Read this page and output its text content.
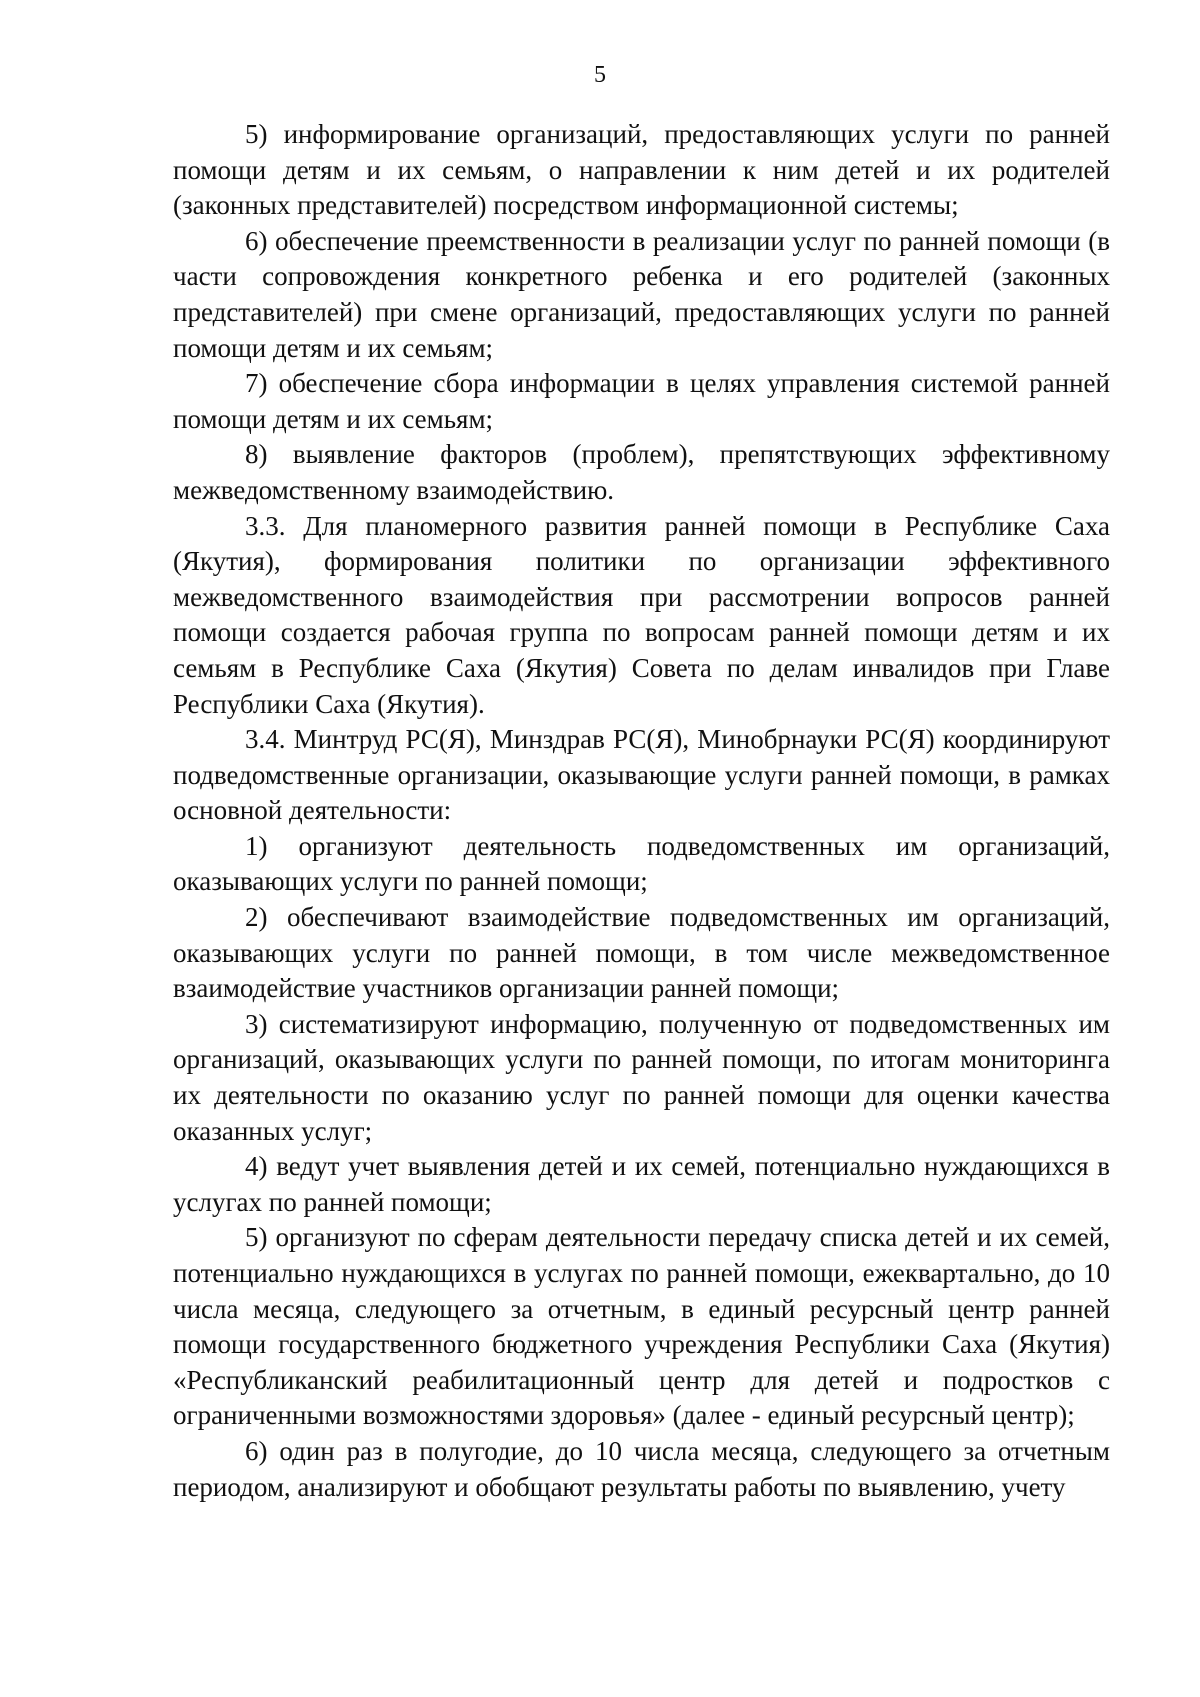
5

5) информирование организаций, предоставляющих услуги по ранней помощи детям и их семьям, о направлении к ним детей и их родителей (законных представителей) посредством информационной системы;

6) обеспечение преемственности в реализации услуг по ранней помощи (в части сопровождения конкретного ребенка и его родителей (законных представителей) при смене организаций, предоставляющих услуги по ранней помощи детям и их семьям;

7) обеспечение сбора информации в целях управления системой ранней помощи детям и их семьям;

8) выявление факторов (проблем), препятствующих эффективному межведомственному взаимодействию.

3.3. Для планомерного развития ранней помощи в Республике Саха (Якутия), формирования политики по организации эффективного межведомственного взаимодействия при рассмотрении вопросов ранней помощи создается рабочая группа по вопросам ранней помощи детям и их семьям в Республике Саха (Якутия) Совета по делам инвалидов при Главе Республики Саха (Якутия).

3.4. Минтруд РС(Я), Минздрав РС(Я), Минобрнауки РС(Я) координируют подведомственные организации, оказывающие услуги ранней помощи, в рамках основной деятельности:

1) организуют деятельность подведомственных им организаций, оказывающих услуги по ранней помощи;

2) обеспечивают взаимодействие подведомственных им организаций, оказывающих услуги по ранней помощи, в том числе межведомственное взаимодействие участников организации ранней помощи;

3) систематизируют информацию, полученную от подведомственных им организаций, оказывающих услуги по ранней помощи, по итогам мониторинга их деятельности по оказанию услуг по ранней помощи для оценки качества оказанных услуг;

4) ведут учет выявления детей и их семей, потенциально нуждающихся в услугах по ранней помощи;

5) организуют по сферам деятельности передачу списка детей и их семей, потенциально нуждающихся в услугах по ранней помощи, ежеквартально, до 10 числа месяца, следующего за отчетным, в единый ресурсный центр ранней помощи государственного бюджетного учреждения Республики Саха (Якутия) «Республиканский реабилитационный центр для детей и подростков с ограниченными возможностями здоровья» (далее - единый ресурсный центр);

6) один раз в полугодие, до 10 числа месяца, следующего за отчетным периодом, анализируют и обобщают результаты работы по выявлению, учету
